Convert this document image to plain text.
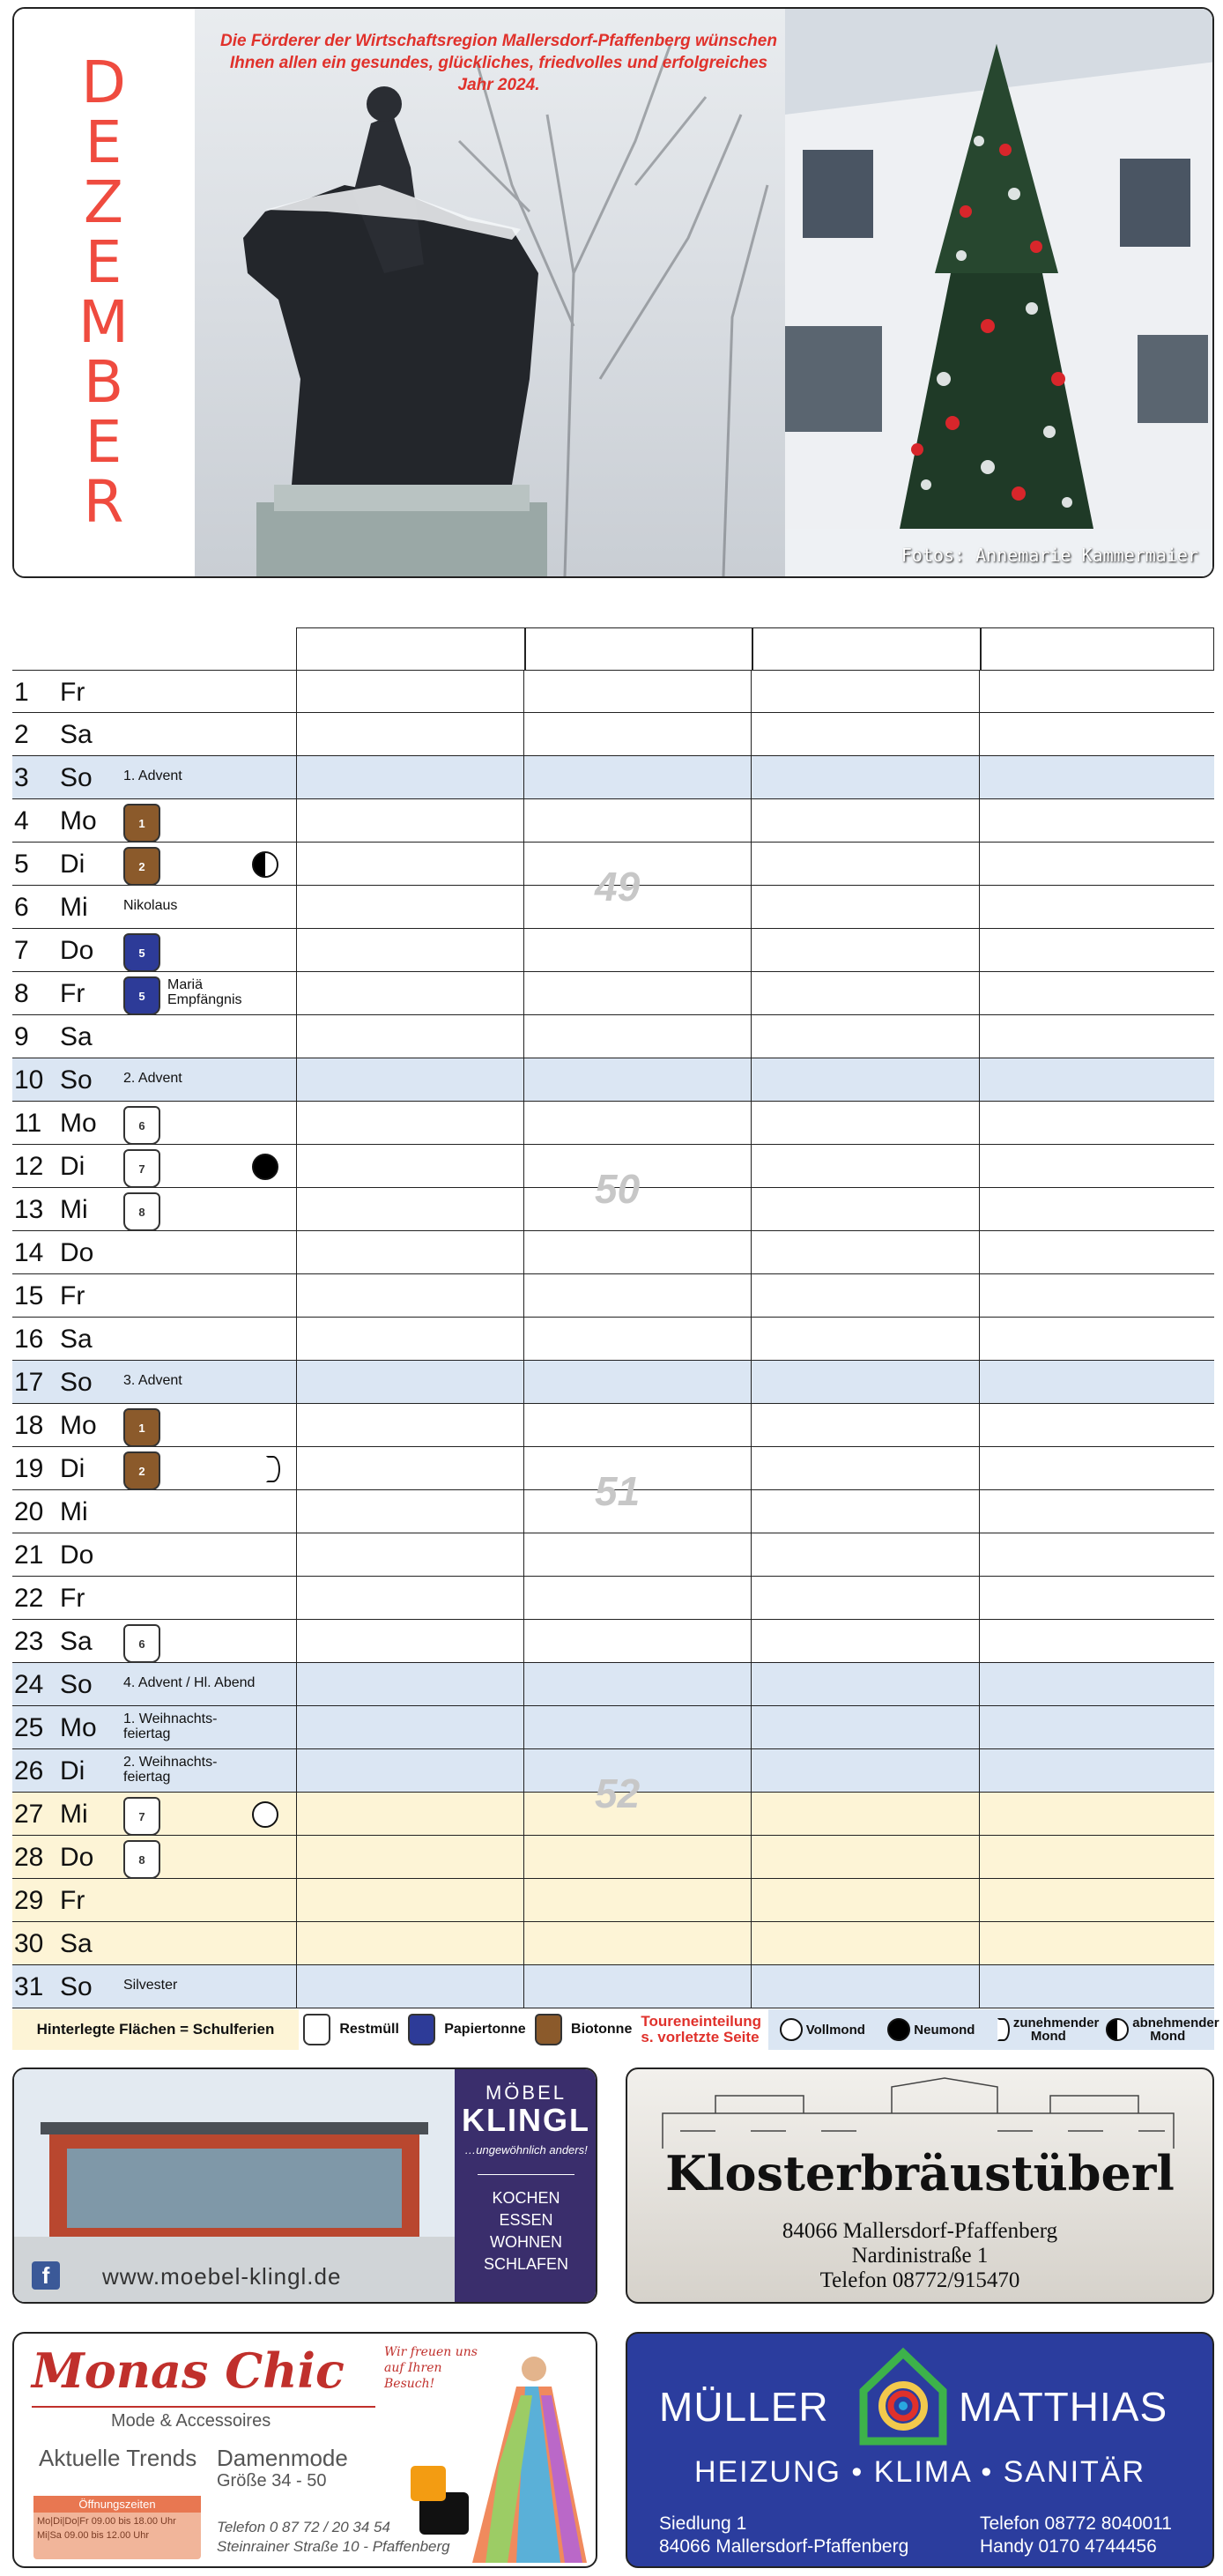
D
E
Z
E
M
B
E
R
Die Förderer der Wirtschaftsregion Mallersdorf-Pfaffenberg wünschen Ihnen allen ein gesundes, glückliches, friedvolles und erfolgreiches Jahr 2024.
Fotos: Annemarie Kammermaier
1 Fr
2 Sa
3 So 1. Advent
4 Mo	1
5 Di	2
6 Mi	Nikolaus
7 Do	5
8 Fr	5
Mariä Empfängnis
9 Sa
10 So 2. Advent
11 Mo	6
12 Di	7
13 Mi	8
14 Do
15 Fr
16 Sa
17 So 3. Advent
18 Mo	1
19 Di	2
20 Mi
21 Do
22 Fr
23 Sa	6
24 So 4. Advent / Hl. Abend
25 Mo 1. Weihnachts- feiertag
26 Di	2. Weihnachts- feiertag
27 Mi	7
28 Do	8
29 Fr
30 Sa
31 So Silvester
49
50
51
52
Hinterlegte Flächen = Schulferien	Restmüll	Papiertonne	Biotonne Toureneinteilung s. vorletzte Seite	Vollmond	Neumond	zunehmender Mond
abnehmender Mond
f	www.moebel-klingl.de
MÖBEL
KLINGL
…ungewöhnlich anders!
KOCHEN
ESSEN
WOHNEN
SCHLAFEN
Klosterbräustüberl
84066 Mallersdorf-Pfaffenberg
Nardinistraße 1
Telefon 08772/915470
Monas Chic
Mode & Accessoires
Wir freuen uns auf Ihren Besuch!
Aktuelle Trends Damenmode
Größe 34 - 50
Öffnungszeiten
Mo|Di|Do|Fr 09.00 bis 18.00 Uhr
Mi|Sa 09.00 bis 12.00 Uhr	Telefon 0 87 72 / 20 34 54
Steinrainer Straße 10 - Pfaffenberg
MÜLLER	MATTHIAS
HEIZUNG • KLIMA • SANITÄR
Siedlung 1
84066 Mallersdorf-Pfaffenberg
Telefon 08772 8040011
Handy 0170 4744456
